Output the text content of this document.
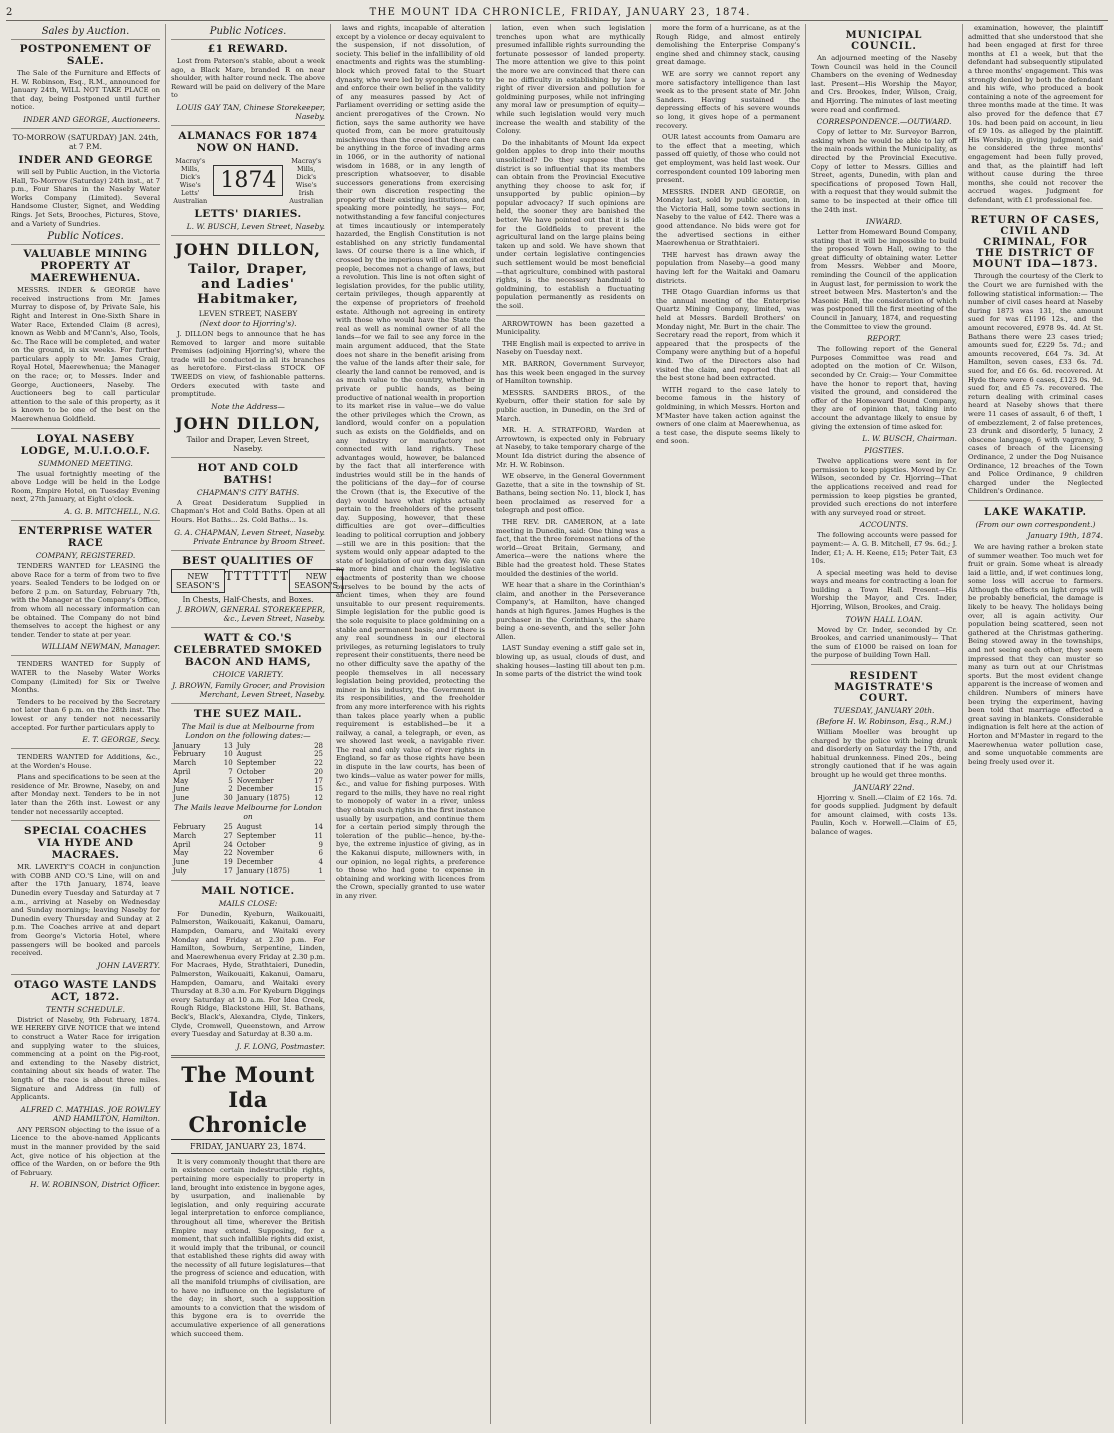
2	THE MOUNT IDA CHRONICLE, FRIDAY, JANUARY 23, 1874.
Sales by Auction.
POSTPONEMENT OF SALE.

The Sale of the Furniture and Effects of H. W. Robinson, Esq., R.M., announced for January 24th, WILL NOT TAKE PLACE on that day, being Postponed until further notice.

INDER AND GEORGE, Auctioneers.
TO-MORROW (SATURDAY) JAN. 24th, at 7 P.M.
INDER AND GEORGE

will sell by Public Auction, in the Victoria Hall, To-Morrow (Saturday) 24th inst., at 7 p.m., Four Shares in the Naseby Water Works Company (Limited). Several Handsome Cluster, Signet, and Wedding Rings. Jet Sets, Brooches, Pictures, Stove, and a Variety of Sundries.

Public Notices.
VALUABLE MINING PROPERTY AT MAEREWHENUA.

MESSRS. INDER & GEORGE have received instructions from Mr. James Murray to dispose of, by Private Sale, his Right and Interest in One-Sixth Share in Water Race, Extended Claim (8 acres), known as Webb and M'Cann's, Also, Tools, &c. The Race will be completed, and water on the ground, in six weeks. For further particulars apply to Mr. James Craig, Royal Hotel, Maerewhenua; the Manager on the race; or, to Messrs. Inder and George, Auctioneers, Naseby. The Auctioneers beg to call particular attention to the sale of this property, as it is known to be one of the best on the Maerewhenua Goldfield.

LOYAL NASEBY LODGE, M.U.I.O.O.F.
SUMMONED MEETING.

The usual fortnightly meeting of the above Lodge will be held in the Lodge Room, Empire Hotel, on Tuesday Evening next, 27th January, at Eight o'clock.

A. G. B. MITCHELL, N.G.
ENTERPRISE WATER RACE
COMPANY, REGISTERED.

TENDERS WANTED for LEASING the above Race for a term of from two to five years. Sealed Tenders to be lodged on or before 2 p.m. on Saturday, February 7th, with the Manager at the Company's Office, from whom all necessary information can be obtained. The Company do not bind themselves to accept the highest or any tender. Tender to state at per year.

WILLIAM NEWMAN, Manager.

TENDERS WANTED for Supply of WATER to the Naseby Water Works Company (Limited) for Six or Twelve Months.

Tenders to be received by the Secretary not later than 6 p.m. on the 28th inst. The lowest or any tender not necessarily accepted. For further particulars apply to

E. T. GEORGE, Secy.

TENDERS WANTED for Additions, &c., at the Worden's House.

Plans and specifications to be seen at the residence of Mr. Browne, Naseby, on and after Monday next. Tenders to be in not later than the 26th inst. Lowest or any tender not necessarily accepted.

SPECIAL COACHES VIA HYDE AND MACRAES.

MR. LAVERTY'S COACH in conjunction with COBB AND CO.'S Line, will on and after the 17th January, 1874, leave Dunedin every Tuesday and Saturday at 7 a.m., arriving at Naseby on Wednesday and Sunday mornings; leaving Naseby for Dunedin every Thursday and Sunday at 2 p.m. The Coaches arrive at and depart from George's Victoria Hotel, where passengers will be booked and parcels received.

JOHN LAVERTY.
OTAGO WASTE LANDS ACT, 1872.
TENTH SCHEDULE.

District of Naseby, 9th February, 1874. WE HEREBY GIVE NOTICE that we intend to construct a Water Race for irrigation and supplying water to the sluices, commencing at a point on the Pig-root, and extending to the Naseby district, containing about six heads of water. The length of the race is about three miles. Signature and Address (in full) of Applicants.

ALFRED C. MATHIAS. JOE ROWLEY AND HAMILTON, Hamilton.

ANY PERSON objecting to the issue of a Licence to the above-named Applicants must in the manner provided by the said Act, give notice of his objection at the office of the Warden, on or before the 9th of February.

H. W. ROBINSON, District Officer.
Public Notices.
£1 REWARD.

Lost from Paterson's stable, about a week ago, a Black Mare, branded R on near shoulder, with halter round neck. The above Reward will be paid on delivery of the Mare to

LOUIS GAY TAN, Chinese Storekeeper, Naseby.
ALMANACS FOR 1874 NOW ON HAND.
Macray's Mills, Dick's Wise's Letts' Australian
1874
Macray's Mills, Dick's Wise's Irish Australian
LETTS' DIARIES.
L. W. BUSCH, Leven Street, Naseby.
JOHN DILLON,
Tailor, Draper, and Ladies' Habitmaker,
LEVEN STREET, NASEBY
(Next door to Hjorring's).

J. DILLON begs to announce that he has Removed to larger and more suitable Premises (adjoining Hjorring's), where the trade will be conducted in all its branches as heretofore. First-class STOCK OF TWEEDS on view, of fashionable patterns. Orders executed with taste and promptitude.

Note the Address—
JOHN DILLON,
Tailor and Draper, Leven Street, Naseby.
HOT AND COLD BATHS!
CHAPMAN'S CITY BATHS.

A Great Desideratum Supplied in Chapman's Hot and Cold Baths. Open at all Hours. Hot Baths... 2s. Cold Baths... 1s.

G. A. CHAPMAN, Leven Street, Naseby. Private Entrance by Broom Street.
BEST QUALITIES OF
NEW SEASON'S
TTTTTTT	NEW SEASON'S
In Chests, Half-Chests, and Boxes.
J. BROWN, GENERAL STOREKEEPER, &c., Leven Street, Naseby.
WATT & CO.'S CELEBRATED SMOKED BACON AND HAMS,
CHOICE VARIETY.
J. BROWN, Family Grocer, and Provision Merchant, Leven Street, Naseby.
THE SUEZ MAIL.
The Mail is due at Melbourne from London on the following dates:—
January	13	July	28
February	10	August	25
March	10	September	22
April	7	October	20
May	5	November	17
June	2	December	15
June	30	January (1875)	12
The Mails leave Melbourne for London on
February	25	August	14
March	27	September	11
April	24	October	9
May	22	November	6
June	19	December	4
July	17	January (1875)	1
MAIL NOTICE.
MAILS CLOSE:

For Dunedin, Kyeburn, Waikouaiti, Palmerston, Waikouaiti, Kakanui, Oamaru, Hampden, Oamaru, and Waitaki every Monday and Friday at 2.30 p.m. For Hamilton, Sowburn, Serpentine, Linden, and Maerewhenua every Friday at 2.30 p.m. For Macraes, Hyde, Strathtaieri, Dunedin, Palmerston, Waikouaiti, Kakanui, Oamaru, Hampden, Oamaru, and Waitaki every Thursday at 8.30 a.m. For Kyeburn Diggings every Saturday at 10 a.m. For Idea Creek, Rough Ridge, Blackstone Hill, St. Bathans, Beck's, Black's, Alexandra, Clyde, Tinkers, Clyde, Cromwell, Queenstown, and Arrow every Tuesday and Saturday at 8.30 a.m.

J. F. LONG, Postmaster.
The Mount Ida Chronicle
FRIDAY, JANUARY 23, 1874.

It is very commonly thought that there are in existence certain indestructible rights, pertaining more especially to property in land, brought into existence in bygone ages, by usurpation, and inalienable by legislation, and only requiring accurate legal interpretation to enforce compliance, throughout all time, wherever the British Empire may extend. Supposing, for a moment, that such infallible rights did exist, it would imply that the tribunal, or council that established these rights did away with the necessity of all future legislatures—that the progress of science and education, with all the manifold triumphs of civilisation, are to have no influence on the legislature of the day; in short, such a supposition amounts to a conviction that the wisdom of this bygone era is to override the accumulative experience of all generations which succeed them.

laws and rights, incapable of alteration except by a violence or decay equivalent to the suspension, if not dissolution, of society. This belief in the infallibility of old enactments and rights was the stumbling-block which proved fatal to the Stuart dynasty, who were led by sycophants to try and enforce their own belief in the validity of any measures passed by Act of Parliament overriding or setting aside the ancient prerogatives of the Crown. No fiction, says the same authority we have quoted from, can be more gratuitously mischievous than the creed that there can be anything in the force of invading arms in 1066, or in the authority of national wisdom in 1688, or in any length of prescription whatsoever, to disable successors generations from exercising their own discretion respecting the property of their existing institutions, and speaking more pointedly, he says— For, notwithstanding a few fanciful conjectures at times incautiously or intemperately hazarded, the English Constitution is not established on any strictly fundamental laws. Of course there is a line which, if crossed by the imperious will of an excited people, becomes not a change of laws, but a revolution. This line is not often sight of legislation provides, for the public utility, certain privileges, though apparently at the expense of proprietors of freehold estate. Although not agreeing in entirety with those who would have the State the real as well as nominal owner of all the lands—for we fail to see any force in the main argument adduced, that the State does not share in the benefit arising from the value of the lands after their sale, for clearly the land cannot be removed, and is as much value to the country, whether in private or public hands, as being productive of national wealth in proportion to its market rise in value—we do value the other privileges which the Crown, as landlord, would confer on a population such as exists on the Goldfields, and on any industry or manufactory not connected with land rights. These advantages would, however, be balanced by the fact that all interference with industries would still be in the hands of the politicians of the day—for of course the Crown (that is, the Executive of the day) would have what rights actually pertain to the freeholders of the present day. Supposing, however, that these difficulties are got over—difficulties leading to political corruption and jobbery—still we are in this position: that the system would only appear adapted to the state of legislation of our own day. We can no more bind and chain the legislative enactments of posterity than we choose ourselves to be bound by the acts of ancient times, when they are found unsuitable to our present requirements. Simple legislation for the public good is the sole requisite to place goldmining on a stable and permanent basis; and if there is any real soundness in our electoral privileges, as returning legislators to truly represent their constituents, there need be no other difficulty save the apathy of the people themselves in all necessary legislation being provided, protecting the miner in his industry, the Government in its responsibilities, and the freeholder from any more interference with his rights than takes place yearly when a public requirement is established—be it a railway, a canal, a telegraph, or even, as we showed last week, a navigable river. The real and only value of river rights in England, so far as those rights have been in dispute in the law courts, has been of two kinds—value as water power for mills, &c., and value for fishing purposes. With regard to the mills, they have no real right to monopoly of water in a river, unless they obtain such rights in the first instance usually by usurpation, and continue them for a certain period simply through the toleration of the public—hence, by-the-bye, the extreme injustice of giving, as in the Kakanui dispute, millowners with, in our opinion, no legal rights, a preference to those who had gone to expense in obtaining and working with licences from the Crown, specially granted to use water in any river.

lation, even when such legislation trenches upon what are mythically presumed infallible rights surrounding the fortunate possessor of landed property. The more attention we give to this point the more we are convinced that there can be no difficulty in establishing by law a right of river diversion and pollution for goldmining purposes, while not infringing any moral law or presumption of equity—while such legislation would very much increase the wealth and stability of the Colony.

Do the inhabitants of Mount Ida expect golden apples to drop into their mouths unsolicited? Do they suppose that the district is so influential that its members can obtain from the Provincial Executive anything they choose to ask for, if unsupported by public opinion—by popular advocacy? If such opinions are held, the sooner they are banished the better. We have pointed out that it is idle for the Goldfields to prevent the agricultural land on the large plains being taken up and sold. We have shown that under certain legislative contingencies such settlement would be most beneficial—that agriculture, combined with pastoral rights, is the necessary handmaid to goldmining, to establish a fluctuating population permanently as residents on the soil.

ARROWTOWN has been gazetted a Municipality.

THE English mail is expected to arrive in Naseby on Tuesday next.

MR. BARRON, Government Surveyor, has this week been engaged in the survey of Hamilton township.

MESSRS. SANDERS BROS., of the Kyeburn, offer their station for sale by public auction, in Dunedin, on the 3rd of March.

MR. H. A. STRATFORD, Warden at Arrowtown, is expected only in February at Naseby, to take temporary charge of the Mount Ida district during the absence of Mr. H. W. Robinson.

WE observe, in the General Government Gazette, that a site in the township of St. Bathans, being section No. 11, block I, has been proclaimed as reserved for a telegraph and post office.

THE REV. DR. CAMERON, at a late meeting in Dunedin, said: One thing was a fact, that the three foremost nations of the world—Great Britain, Germany, and America—were the nations where the Bible had the greatest hold. These States moulded the destinies of the world.

WE hear that a share in the Corinthian's claim, and another in the Perseverance Company's, at Hamilton, have changed hands at high figures. James Hughes is the purchaser in the Corinthian's, the share being a one-seventh, and the seller John Allen.

LAST Sunday evening a stiff gale set in, blowing up, as usual, clouds of dust, and shaking houses—lasting till about ten p.m. In some parts of the district the wind took

more the form of a hurricane, as at the Rough Ridge, and almost entirely demolishing the Enterprise Company's engine shed and chimney stack, causing great damage.

WE are sorry we cannot report any more satisfactory intelligence than last week as to the present state of Mr. John Sanders. Having sustained the depressing effects of his severe wounds so long, it gives hope of a permanent recovery.

OUR latest accounts from Oamaru are to the effect that a meeting, which passed off quietly, of those who could not get employment, was held last week. Our correspondent counted 109 laboring men present.

MESSRS. INDER AND GEORGE, on Monday last, sold by public auction, in the Victoria Hall, some town sections in Naseby to the value of £42. There was a good attendance. No bids were got for the advertised sections in either Maerewhenua or Strathtaieri.

THE harvest has drawn away the population from Naseby—a good many having left for the Waitaki and Oamaru districts.

THE Otago Guardian informs us that the annual meeting of the Enterprise Quartz Mining Company, limited, was held at Messrs. Bardell Brothers' on Monday night, Mr. Burt in the chair. The Secretary read the report, from which it appeared that the prospects of the Company were anything but of a hopeful kind. Two of the Directors also had visited the claim, and reported that all the best stone had been extracted.

WITH regard to the case lately to become famous in the history of goldmining, in which Messrs. Horton and M'Master have taken action against the owners of one claim at Maerewhenua, as a test case, the dispute seems likely to end soon.

MUNICIPAL COUNCIL.

An adjourned meeting of the Naseby Town Council was held in the Council Chambers on the evening of Wednesday last. Present—His Worship the Mayor, and Crs. Brookes, Inder, Wilson, Craig, and Hjorring. The minutes of last meeting were read and confirmed.

CORRESPONDENCE.—OUTWARD.

Copy of letter to Mr. Surveyor Barron, asking when he would be able to lay off the main roads within the Municipality, as directed by the Provincial Executive. Copy of letter to Messrs. Gillies and Street, agents, Dunedin, with plan and specifications of proposed Town Hall, with a request that they would submit the same to be inspected at their office till the 24th inst.

INWARD.

Letter from Homeward Bound Company, stating that it will be impossible to build the proposed Town Hall, owing to the great difficulty of obtaining water. Letter from Messrs. Webber and Moore, reminding the Council of the application in August last, for permission to work the street between Mrs. Masterton's and the Masonic Hall, the consideration of which was postponed till the first meeting of the Council in January, 1874, and requesting the Committee to view the ground.

REPORT.

The following report of the General Purposes Committee was read and adopted on the motion of Cr. Wilson, seconded by Cr. Craig:— Your Committee have the honor to report that, having visited the ground, and considered the offer of the Homeward Bound Company, they are of opinion that, taking into account the advantage likely to ensue by giving the extension of time asked for.

L. W. BUSCH, Chairman.
PIGSTIES.

Twelve applications were sent in for permission to keep pigsties. Moved by Cr. Wilson, seconded by Cr. Hjorring—That the applications received and read for permission to keep pigsties be granted, provided such erections do not interfere with any surveyed road or street.

ACCOUNTS.

The following accounts were passed for payment:— A. G. B. Mitchell, £7 9s. 6d.; J. Inder, £1; A. H. Keene, £15; Peter Tait, £3 10s.

A special meeting was held to devise ways and means for contracting a loan for building a Town Hall. Present—His Worship the Mayor, and Crs. Inder, Hjorring, Wilson, Brookes, and Craig.

TOWN HALL LOAN.

Moved by Cr. Inder, seconded by Cr. Brookes, and carried unanimously— That the sum of £1000 be raised on loan for the purpose of building Town Hall.

RESIDENT MAGISTRATE'S COURT.
TUESDAY, JANUARY 20th.
(Before H. W. Robinson, Esq., R.M.)

William Moeller was brought up charged by the police with being drunk and disorderly on Saturday the 17th, and habitual drunkenness. Fined 20s., being strongly cautioned that if he was again brought up he would get three months.

JANUARY 22nd.

Hjorring v. Snell.—Claim of £2 16s. 7d. for goods supplied. Judgment by default for amount claimed, with costs 13s. Paulin, Koch v. Horwell.—Claim of £5, balance of wages.

examination, however, the plaintiff admitted that she understood that she had been engaged at first for three months at £1 a week, but that the defendant had subsequently stipulated a three months' engagement. This was strongly denied by both the defendant and his wife, who produced a book containing a note of the agreement for three months made at the time. It was also proved for the defence that £7 10s. had been paid on account, in lieu of £9 10s. as alleged by the plaintiff. His Worship, in giving judgment, said he considered the three months' engagement had been fully proved, and that, as the plaintiff had left without cause during the three months, she could not recover the accrued wages. Judgment for defendant, with £1 professional fee.

RETURN OF CASES, CIVIL AND CRIMINAL, FOR THE DISTRICT OF MOUNT IDA—1873.

Through the courtesy of the Clerk to the Court we are furnished with the following statistical information:— The number of civil cases heard at Naseby during 1873 was 131, the amount sued for was £1196 12s., and the amount recovered, £978 9s. 4d. At St. Bathans there were 23 cases tried; amounts sued for, £229 5s. 7d.; and amounts recovered, £64 7s. 3d. At Hamilton, seven cases, £33 6s. 7d. sued for, and £6 6s. 6d. recovered. At Hyde there were 6 cases, £123 0s. 9d. sued for, and £5 7s. recovered. The return dealing with criminal cases heard at Naseby shows that there were 11 cases of assault, 6 of theft, 1 of embezzlement, 2 of false pretences, 23 drunk and disorderly, 5 lunacy, 2 obscene language, 6 with vagrancy, 5 cases of breach of the Licensing Ordinance, 2 under the Dog Nuisance Ordinance, 12 breaches of the Town and Police Ordinance, 9 children charged under the Neglected Children's Ordinance.

LAKE WAKATIP.
(From our own correspondent.)
January 19th, 1874.

We are having rather a broken state of summer weather. Too much wet for fruit or grain. Some wheat is already laid a little, and, if wet continues long, some loss will accrue to farmers. Although the effects on light crops will be probably beneficial, the damage is likely to be heavy. The holidays being over, all is again activity. Our population being scattered, seen not gathered at the Christmas gathering. Being stowed away in the townships, and not seeing each other, they seem impressed that they can muster so many as turn out at our Christmas sports. But the most evident change apparent is the increase of women and children. Numbers of miners have been trying the experiment, having been told that marriage effected a great saving in blankets. Considerable indignation is felt here at the action of Horton and M'Master in regard to the Maerewhenua water pollution case, and some unquotable comments are being freely used over it.
